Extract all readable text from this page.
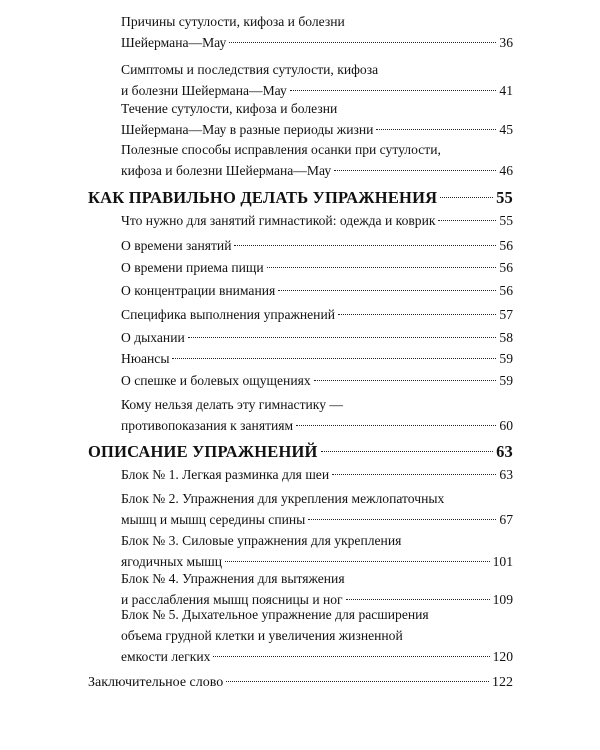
Причины сутулости, кифоза и болезни
Шейермана—Мау	36
Симптомы и последствия сутулости, кифоза
и болезни Шейермана—Мау	41
Течение сутулости, кифоза и болезни
Шейермана—Мау в разные периоды жизни	45
Полезные способы исправления осанки при сутулости,
кифоза и болезни Шейермана—Мау	46
КАК ПРАВИЛЬНО ДЕЛАТЬ УПРАЖНЕНИЯ	55
Что нужно для занятий гимнастикой: одежда и коврик	55
О времени занятий	56
О времени приема пищи	56
О концентрации внимания	56
Специфика выполнения упражнений	57
О дыхании	58
Нюансы	59
О спешке и болевых ощущениях	59
Кому нельзя делать эту гимнастику —
противопоказания к занятиям	60
ОПИСАНИЕ УПРАЖНЕНИЙ	63
Блок № 1. Легкая разминка для шеи	63
Блок № 2. Упражнения для укрепления межлопаточных
мышц и мышц середины спины	67
Блок № 3. Силовые упражнения для укрепления
ягодичных мышц	101
Блок № 4. Упражнения для вытяжения
и расслабления мышц поясницы и ног	109
Блок № 5. Дыхательное упражнение для расширения
объема грудной клетки и увеличения жизненной
емкости легких	120
Заключительное слово	122
